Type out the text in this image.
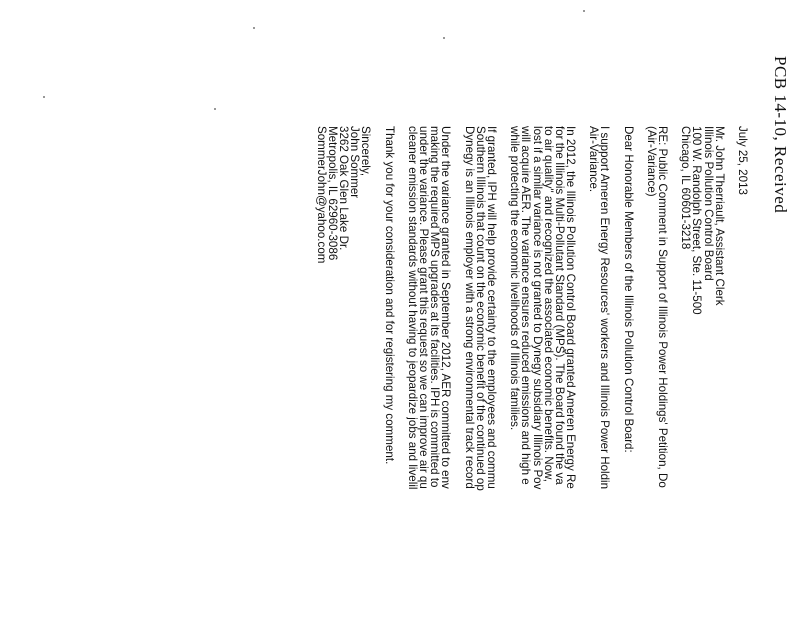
PCB 14-10, Received
July 25, 2013
Mr. John Therriault, Assistant Clerk
Illinois Pollution Control Board
100 W. Randolph Street, Ste. 11-500
Chicago, IL 60601-3218
RE: Public Comment in Support of Illinois Power Holdings' Petition, Do
(Air-Variance)
Dear Honorable Members of the Illinois Pollution Control Board:
I support Ameren Energy Resources' workers and Illinois Power Holdin
Air-Variance.
In 2012, the Illinois Pollution Control Board granted Ameren Energy Re
for the Illinois Multi-Pollutant Standard (MPS). The Board found the va
to air quality" and recognized the associated economic benefits. Now,
lost if a similar variance is not granted to Dynegy subsidiary Illinois Pov
will acquire AER. The variance ensures reduced emissions and high e
while protecting the economic livelihoods of Illinois families.
If granted, IPH will help provide certainty to the employees and commu
Southern Illinois that count on the economic benefit of the continued op
Dynegy is an Illinois employer with a strong environmental track record
Under the variance granted in September 2012, AER committed to env
making the required MPS upgrades at its facilities. IPH is committed to
under the variance. Please grant this request so we can improve air qu
cleaner emission standards without having to jeopardize jobs and livelil
Thank you for your consideration and for registering my comment.
Sincerely,
John Sommer
3262 Oak Glen Lake Dr.
Metropolis, IL 62960-3086
SommerJohn@yahoo.com
